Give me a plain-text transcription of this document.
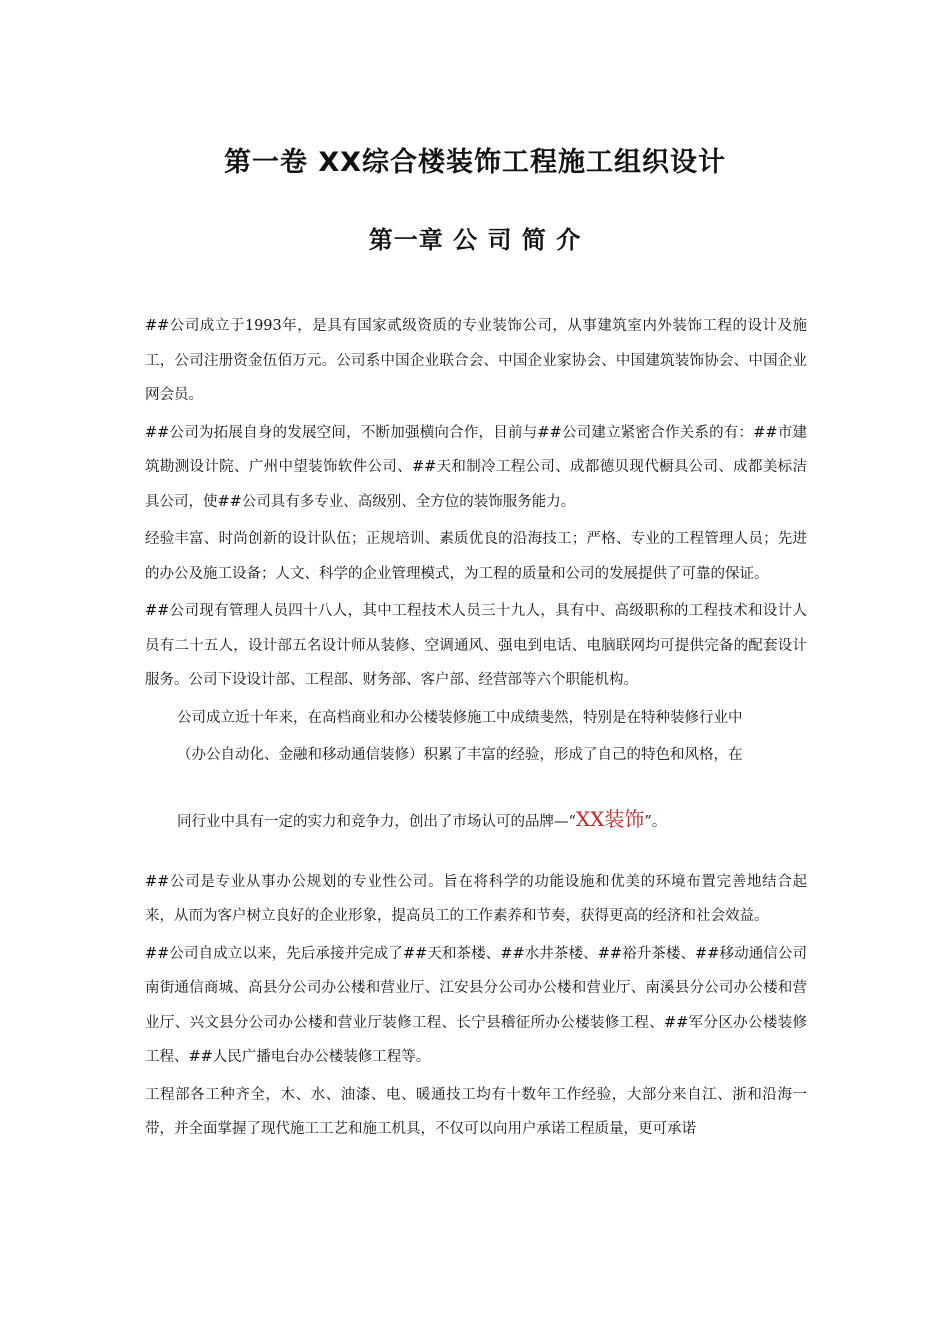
第一卷 XX综合楼装饰工程施工组织设计
第一章 公 司 简 介

##公司成立于1993年，是具有国家贰级资质的专业装饰公司，从事建筑室内外装饰工程的设计及施工，公司注册资金伍佰万元。公司系中国企业联合会、中国企业家协会、中国建筑装饰协会、中国企业网会员。

##公司为拓展自身的发展空间，不断加强横向合作，目前与##公司建立紧密合作关系的有：##市建筑勘测设计院、广州中望装饰软件公司、##天和制冷工程公司、成都德贝现代橱具公司、成都美标洁具公司，使##公司具有多专业、高级别、全方位的装饰服务能力。

经验丰富、时尚创新的设计队伍；正规培训、素质优良的沿海技工；严格、专业的工程管理人员；先进的办公及施工设备；人文、科学的企业管理模式，为工程的质量和公司的发展提供了可靠的保证。

##公司现有管理人员四十八人，其中工程技术人员三十九人，具有中、高级职称的工程技术和设计人员有二十五人，设计部五名设计师从装修、空调通风、强电到电话、电脑联网均可提供完备的配套设计服务。公司下设设计部、工程部、财务部、客户部、经营部等六个职能机构。

公司成立近十年来，在高档商业和办公楼装修施工中成绩斐然，特别是在特种装修行业中
（办公自动化、金融和移动通信装修）积累了丰富的经验，形成了自己的特色和风格，在
同行业中具有一定的实力和竞争力，创出了市场认可的品牌—“XX装饰”。

##公司是专业从事办公规划的专业性公司。旨在将科学的功能设施和优美的环境布置完善地结合起来，从而为客户树立良好的企业形象，提高员工的工作素养和节奏，获得更高的经济和社会效益。

##公司自成立以来，先后承接并完成了##天和茶楼、##水井茶楼、##裕升茶楼、##移动通信公司南街通信商城、高县分公司办公楼和营业厅、江安县分公司办公楼和营业厅、南溪县分公司办公楼和营业厅、兴文县分公司办公楼和营业厅装修工程、长宁县稽征所办公楼装修工程、##军分区办公楼装修工程、##人民广播电台办公楼装修工程等。

工程部各工种齐全，木、水、油漆、电、暖通技工均有十数年工作经验，大部分来自江、浙和沿海一带，并全面掌握了现代施工工艺和施工机具，不仅可以向用户承诺工程质量，更可承诺
